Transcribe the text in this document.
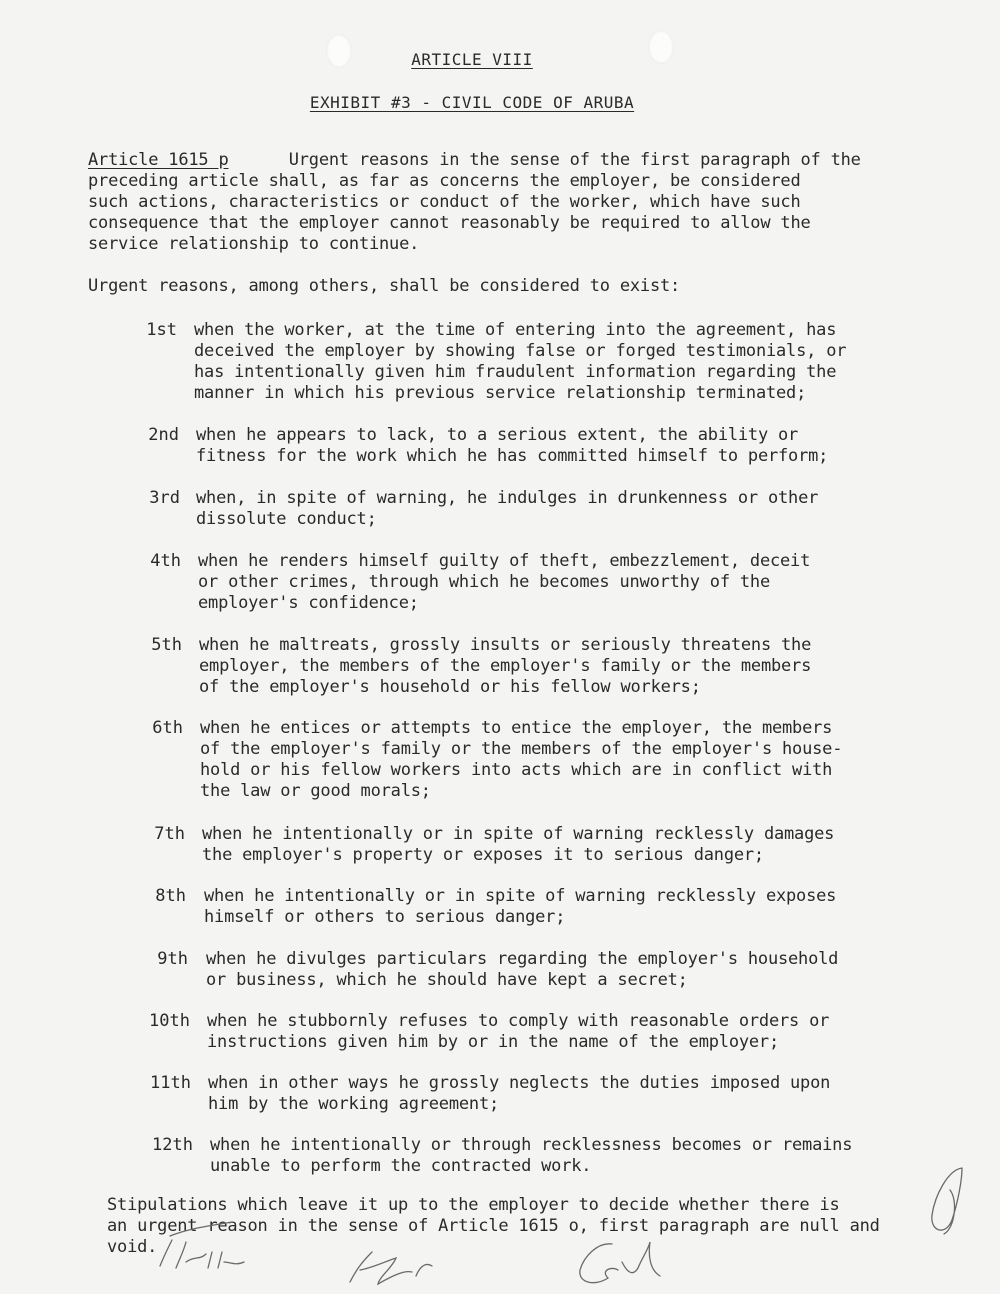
ARTICLE VIII
EXHIBIT #3 - CIVIL CODE OF ARUBA
Article 1615 p	Urgent reasons in the sense of the first paragraph of the
preceding article shall, as far as concerns the employer, be considered
such actions, characteristics or conduct of the worker, which have such
consequence that the employer cannot reasonably be required to allow the
service relationship to continue.
Urgent reasons, among others, shall be considered to exist:
1st when the worker, at the time of entering into the agreement, has
deceived the employer by showing false or forged testimonials, or
has intentionally given him fraudulent information regarding the
manner in which his previous service relationship terminated;
2nd when he appears to lack, to a serious extent, the ability or
fitness for the work which he has committed himself to perform;
3rd when, in spite of warning, he indulges in drunkenness or other
dissolute conduct;
4th when he renders himself guilty of theft, embezzlement, deceit
or other crimes, through which he becomes unworthy of the
employer's confidence;
5th when he maltreats, grossly insults or seriously threatens the
employer, the members of the employer's family or the members
of the employer's household or his fellow workers;
6th when he entices or attempts to entice the employer, the members
of the employer's family or the members of the employer's house-
hold or his fellow workers into acts which are in conflict with
the law or good morals;
7th when he intentionally or in spite of warning recklessly damages
the employer's property or exposes it to serious danger;
8th when he intentionally or in spite of warning recklessly exposes
himself or others to serious danger;
9th when he divulges particulars regarding the employer's household
or business, which he should have kept a secret;
10th when he stubbornly refuses to comply with reasonable orders or
instructions given him by or in the name of the employer;
11th when in other ways he grossly neglects the duties imposed upon
him by the working agreement;
12th when he intentionally or through recklessness becomes or remains
unable to perform the contracted work.
Stipulations which leave it up to the employer to decide whether there is
an urgent reason in the sense of Article 1615 o, first paragraph are null and
void.
